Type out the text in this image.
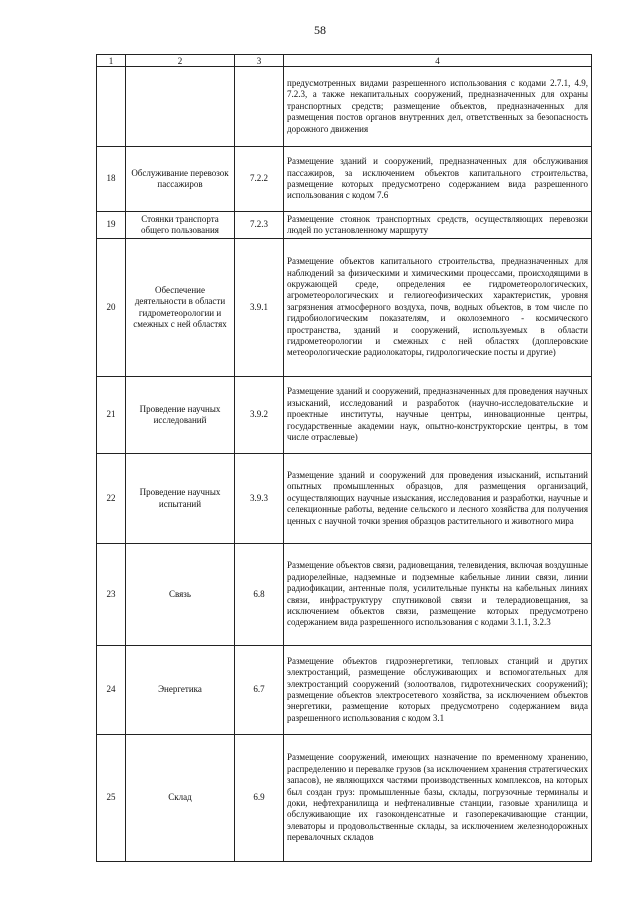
58
1	2	3	4
			предусмотренных видами разрешенного использования с кодами 2.7.1, 4.9, 7.2.3, а также некапитальных сооружений, предназначенных для охраны транспортных средств; размещение объектов, предназначенных для размещения постов органов внутренних дел, ответственных за безопасность дорожного движения
18	Обслуживание перевозок пассажиров	7.2.2	Размещение зданий и сооружений, предназначенных для обслуживания пассажиров, за исключением объектов капитального строительства, размещение которых предусмотрено содержанием вида разрешенного использования с кодом 7.6
19	Стоянки транспорта общего пользования	7.2.3	Размещение стоянок транспортных средств, осуществляющих перевозки людей по установленному маршруту
20	Обеспечение деятельности в области гидрометеорологии и смежных с ней областях	3.9.1	Размещение объектов капитального строительства, предназначенных для наблюдений за физическими и химическими процессами, происходящими в окружающей среде, определения ее гидрометеорологических, агрометеорологических и гелиогеофизических характеристик, уровня загрязнения атмосферного воздуха, почв, водных объектов, в том числе по гидробиологическим показателям, и околоземного - космического пространства, зданий и сооружений, используемых в области гидрометеорологии и смежных с ней областях (доплеровские метеорологические радиолокаторы, гидрологические посты и другие)
21	Проведение научных исследований	3.9.2	Размещение зданий и сооружений, предназначенных для проведения научных изысканий, исследований и разработок (научно-исследовательские и проектные институты, научные центры, инновационные центры, государственные академии наук, опытно-конструкторские центры, в том числе отраслевые)
22	Проведение научных испытаний	3.9.3	Размещение зданий и сооружений для проведения изысканий, испытаний опытных промышленных образцов, для размещения организаций, осуществляющих научные изыскания, исследования и разработки, научные и селекционные работы, ведение сельского и лесного хозяйства для получения ценных с научной точки зрения образцов растительного и животного мира
23	Связь	6.8	Размещение объектов связи, радиовещания, телевидения, включая воздушные радиорелейные, надземные и подземные кабельные линии связи, линии радиофикации, антенные поля, усилительные пункты на кабельных линиях связи, инфраструктуру спутниковой связи и телерадиовещания, за исключением объектов связи, размещение которых предусмотрено содержанием вида разрешенного использования с кодами 3.1.1, 3.2.3
24	Энергетика	6.7	Размещение объектов гидроэнергетики, тепловых станций и других электростанций, размещение обслуживающих и вспомогательных для электростанций сооружений (золоотвалов, гидротехнических сооружений); размещение объектов электросетевого хозяйства, за исключением объектов энергетики, размещение которых предусмотрено содержанием вида разрешенного использования с кодом 3.1
25	Склад	6.9	Размещение сооружений, имеющих назначение по временному хранению, распределению и перевалке грузов (за исключением хранения стратегических запасов), не являющихся частями производственных комплексов, на которых был создан груз: промышленные базы, склады, погрузочные терминалы и доки, нефтехранилища и нефтеналивные станции, газовые хранилища и обслуживающие их газоконденсатные и газоперекачивающие станции, элеваторы и продовольственные склады, за исключением железнодорожных перевалочных складов
